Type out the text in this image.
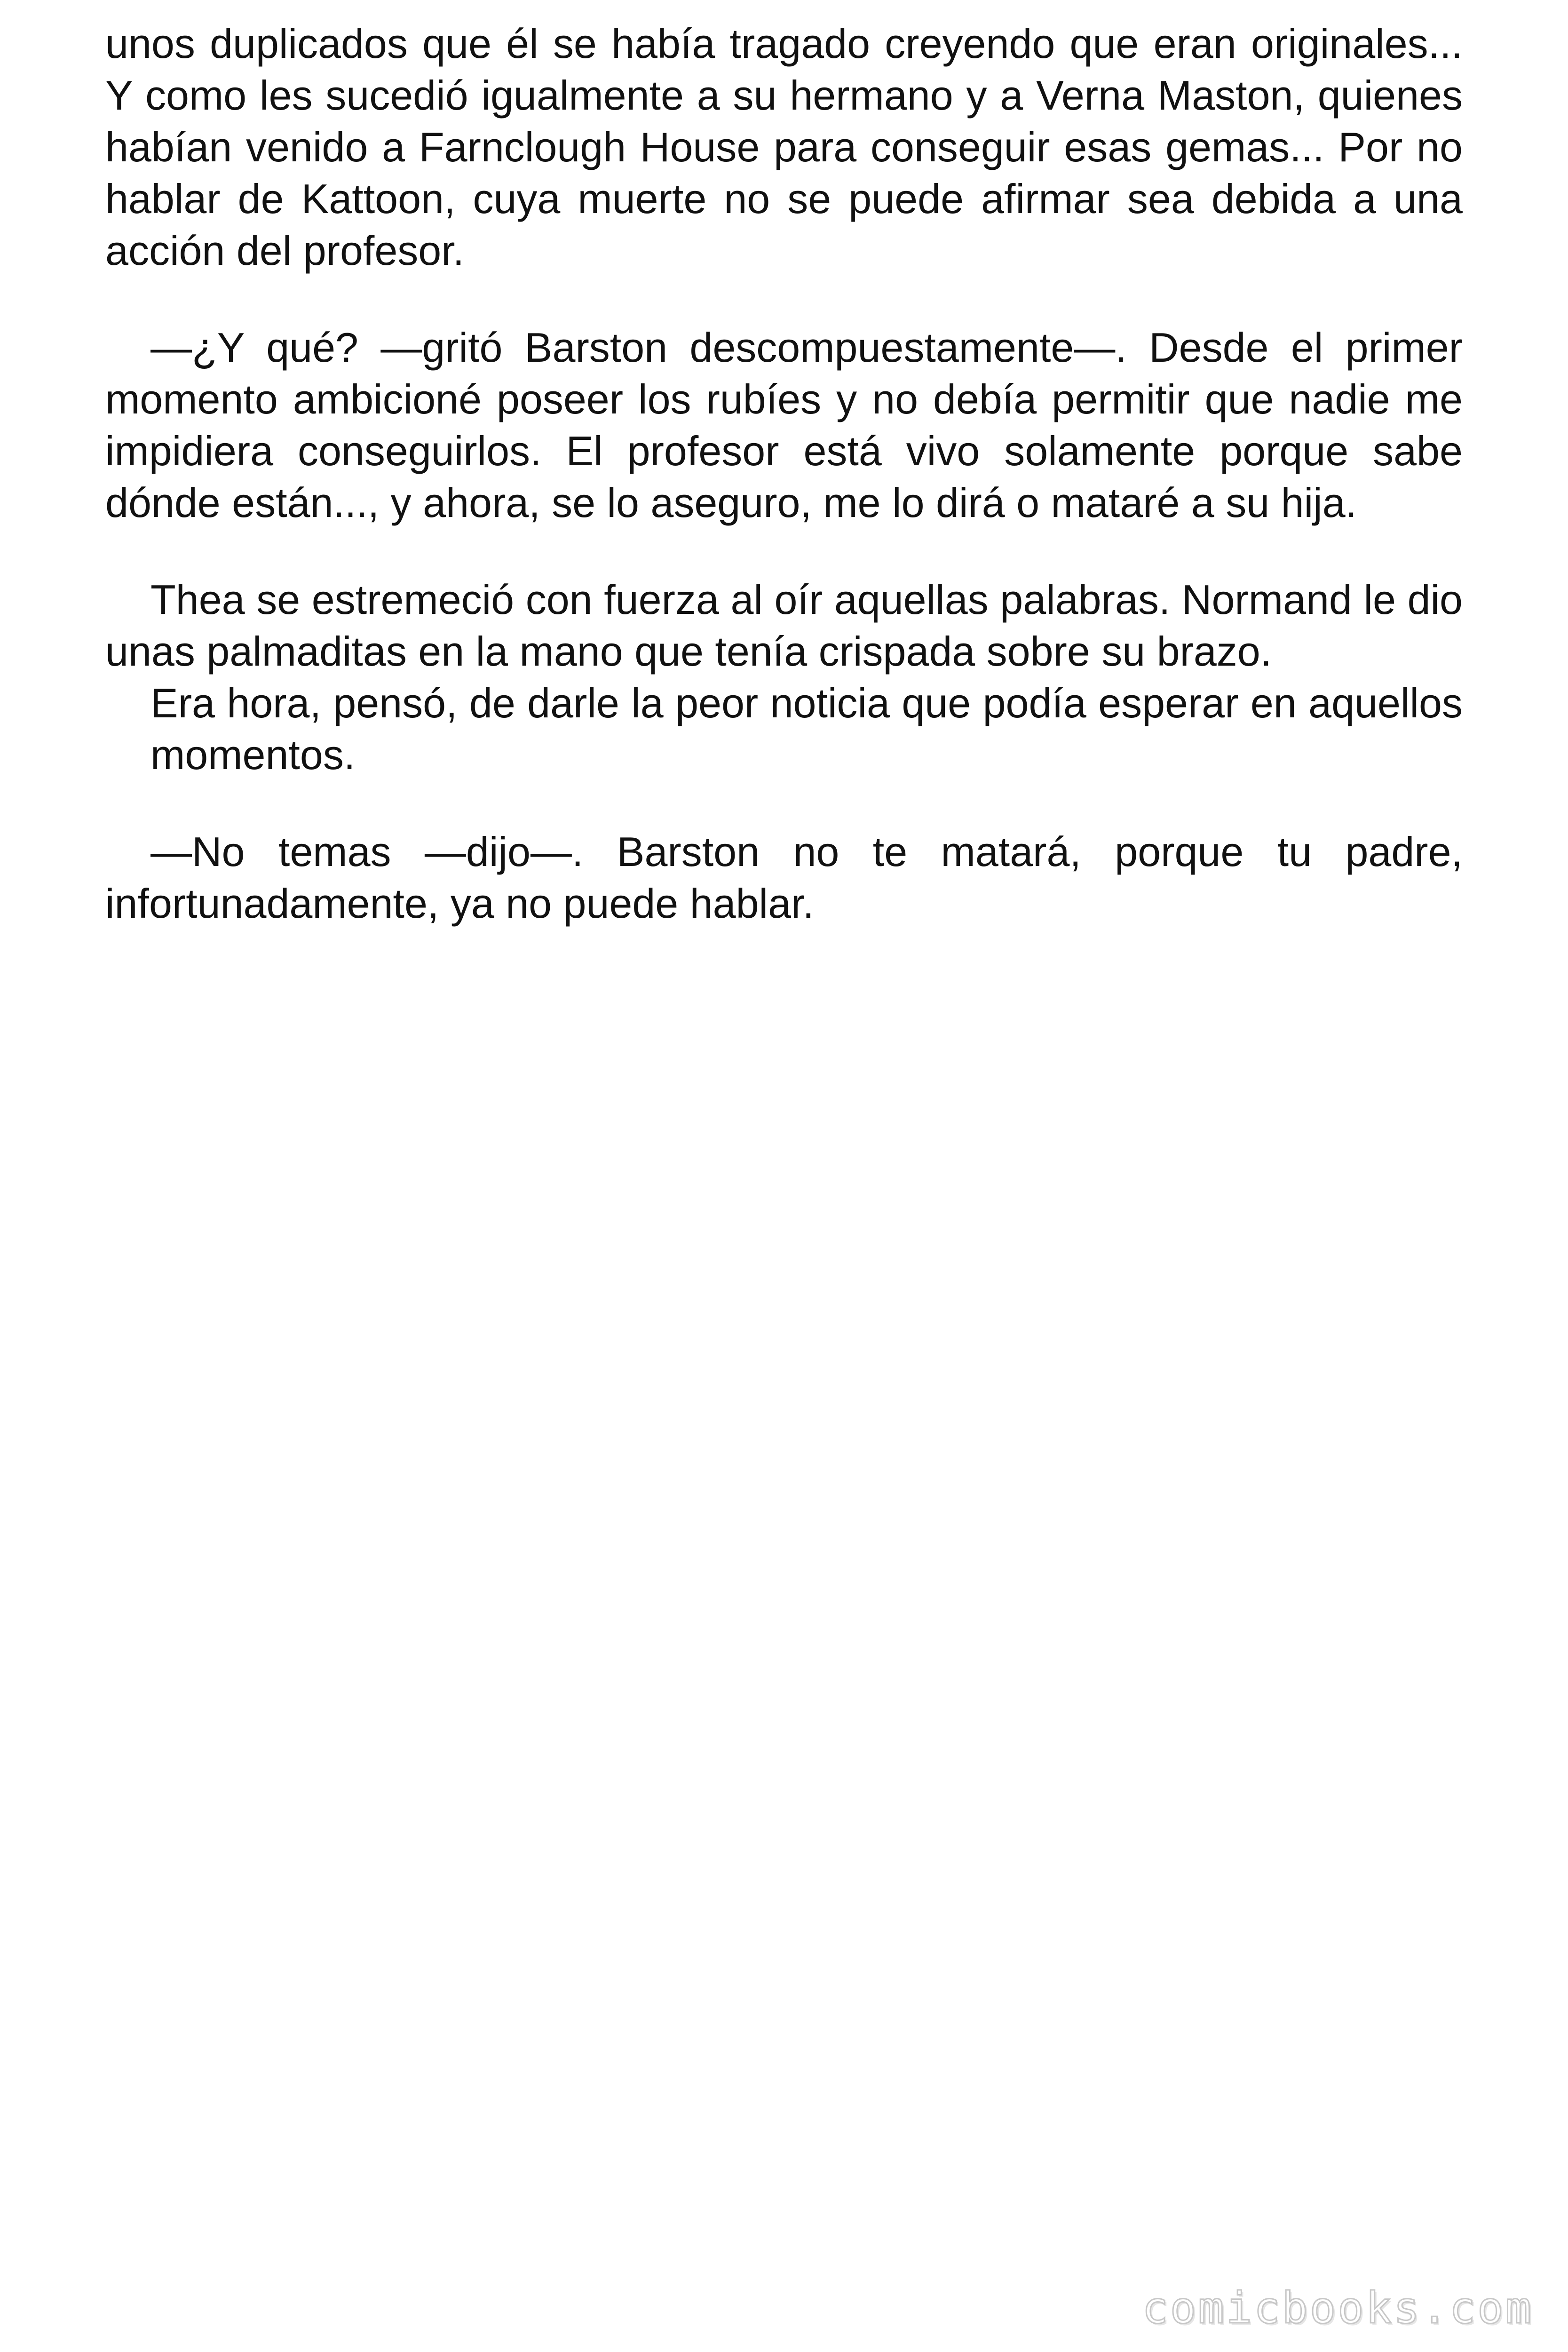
unos duplicados que él se había tragado creyendo que eran originales... Y como les sucedió igualmente a su hermano y a Verna Maston, quienes habían venido a Farnclough House para conseguir esas gemas... Por no hablar de Kattoon, cuya muerte no se puede afirmar sea debida a una acción del profesor.

—¿Y qué? —gritó Barston descompuestamente—. Desde el primer momento ambicioné poseer los rubíes y no debía permitir que nadie me impidiera conseguirlos. El profesor está vivo solamente porque sabe dónde están..., y ahora, se lo aseguro, me lo dirá o mataré a su hija.

Thea se estremeció con fuerza al oír aquellas palabras. Normand le dio unas palmaditas en la mano que tenía crispada sobre su brazo.

Era hora, pensó, de darle la peor noticia que podía esperar en aquellos momentos.

—No temas —dijo—. Barston no te matará, porque tu padre, infortunadamente, ya no puede hablar.

comicbooks.com
